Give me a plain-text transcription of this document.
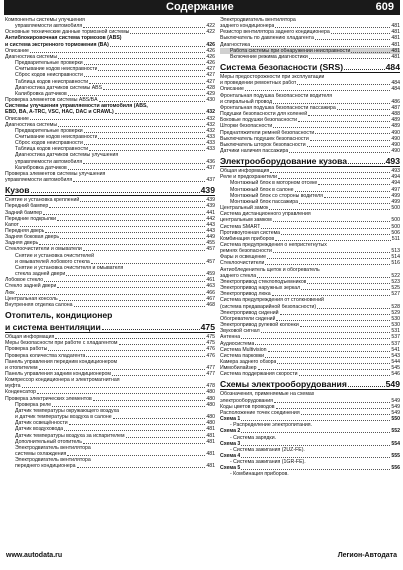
Содержание	609
Компоненты системы улучшения
управляемости автомобиля	422
Основные технические данные тормозной системы	422
Антиблокировочная система тормозов (ABS)
и система экстренного торможения (BA)	426
Описание	426
Диагностика системы	426
Предварительные проверки	426
Считывание кодов неисправности	427
Сброс кодов неисправности	427
Таблица кодов неисправности	427
Диагностика датчиков системы ABS	428
Калибровка датчиков	429
Проверка элементов системы ABS/BA	430
Системы улучшения управляемости автомобиля (ABS,
EBD, BA, A-TRC, VSC, HAC, DAC и CRAWL)	432
Описание	432
Диагностика системы	432
Предварительные проверки	432
Считывание кодов неисправности	433
Сброс кодов неисправности	433
Таблица кодов неисправности	433
Диагностика датчиков системы улучшения
управляемости автомобиля	436
Калибровка датчиков	437
Проверка элементов системы улучшения
управляемости автомобиля	437
Кузов	439
Снятие и установка креплений	439
Передний бампер	439
Задний бампер	441
Передние подкрылки	442
Капот	443
Передняя дверь	443
Задняя боковая дверь	449
Задняя дверь	455
Стеклоочистители и омыватели	457
Снятие и установка очистителей
и омывателей лобового стекла	457
Снятие и установка очистителя и омывателя
стекла задней двери	459
Лобовое стекло	461
Стекло задней двери	463
Люк	466
Центральная консоль	467
Внутренняя отделка салона	468
Отопитель, кондиционер
и система вентиляции	475
Общая информация	475
Меры безопасности при работе с хладагентом	475
Проверка работы	476
Проверка количества хладагента	476
Панель управления передним кондиционером
и отопителем	477
Панель управления задним кондиционером	477
Компрессор кондиционера и электромагнитная
муфта	478
Конденсатор	480
Проверка электрических элементов	480
Проверка реле	480
Датчик температуры окружающего воздуха
и датчик температуры воздуха в салоне	480
Датчик освещённости	480
Датчик воздуховода	481
Датчик температуры воздуха за испарителем	481
Дополнительный отопитель	481
Электродвигатель вентилятора
системы охлаждения	481
Электродвигатель вентилятора
переднего кондиционера	481
Электродвигатель вентилятора
заднего кондиционера	481
Резистор вентилятора заднего кондиционера	481
Выключатель по давлению хладагента	481
Диагностика	481
Работа системы при обнаружении неисправности	481
Включение режима диагностики	481
Система безопасности (SRS)	484
Меры предосторожности при эксплуатации
и проведении ремонтных работ	484
Описание	484
Фронтальная подушка безопасности водителя
и спиральный провод	486
Фронтальная подушка безопасности пассажира	487
Подушки безопасности для коленей	488
Боковые подушки безопасности	489
Шторки безопасности	489
Преднатяжители ремней безопасности	490
Выключатель подушек безопасности	490
Выключатель шторок безопасности	490
Датчики наличия пассажира	490
Электрооборудование кузова	493
Общая информация	493
Реле и предохранители	494
Монтажный блок в моторном отсеке	494
Монтажный блок в салоне	497
Монтажный блок со стороны водителя	499
Монтажный блок пассажира	499
Центральный замок	500
Система дистанционного управления
центральным замком	500
Система SMART	500
Противоугонная система	506
Комбинация приборов	511
Система предупреждения о непристегнутых
ремнях безопасности	513
Фары и освещение	514
Стеклоочистители	516
Антиобледенитель щеток и обогреватель
заднего стекла	522
Электропривод стеклоподъемников	523
Электропривод наружных зеркал	525
Электропривод люка	527
Система предупреждения от столкновений
(система предаварийной безопасности)	528
Электропривод сидений	529
Обогреватели сидений	530
Электропривод рулевой колонки	530
Звуковой сигнал	531
Антенна	537
Аудиосистема	537
Система Multivision	541
Система парковки	543
Камера заднего обзора	544
Иммобилайзер	545
Система поддержания скорости	546
Схемы электрооборудования	549
Обозначения, применяемые на схемах
электрооборудования	549
Коды цветов проводов	549
Расположение точек соединения	549
Схема 1	550
- Распределение электропитания.
Схема 2	552
- Система зарядки.
Схема 3	554
- Система зажигания (2UZ-FE).
Схема 4	555
- Система зажигания (1GR-FE).
Схема 5	556
- Комбинация приборов.
www.autodata.ru	Легион-Автодата
